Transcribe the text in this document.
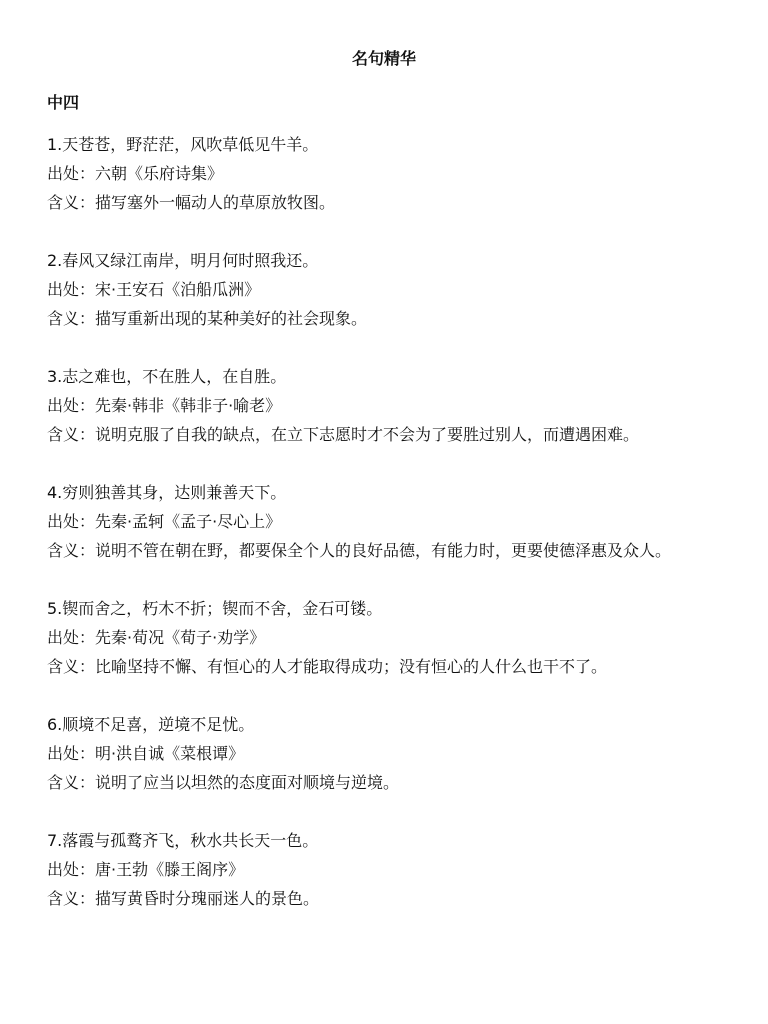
名句精华
中四
1.天苍苍，野茫茫，风吹草低见牛羊。
出处：六朝《乐府诗集》
含义：描写塞外一幅动人的草原放牧图。
2.春风又绿江南岸，明月何时照我还。
出处：宋·王安石《泊船瓜洲》
含义：描写重新出现的某种美好的社会现象。
3.志之难也，不在胜人，在自胜。
出处：先秦·韩非《韩非子·喻老》
含义：说明克服了自我的缺点，在立下志愿时才不会为了要胜过别人，而遭遇困难。
4.穷则独善其身，达则兼善天下。
出处：先秦·孟轲《孟子·尽心上》
含义：说明不管在朝在野，都要保全个人的良好品德，有能力时，更要使德泽惠及众人。
5.锲而舍之，朽木不折；锲而不舍，金石可镂。
出处：先秦·荀况《荀子·劝学》
含义：比喻坚持不懈、有恒心的人才能取得成功；没有恒心的人什么也干不了。
6.顺境不足喜，逆境不足忧。
出处：明·洪自诚《菜根谭》
含义：说明了应当以坦然的态度面对顺境与逆境。
7.落霞与孤鹜齐飞，秋水共长天一色。
出处：唐·王勃《滕王阁序》
含义：描写黄昏时分瑰丽迷人的景色。
